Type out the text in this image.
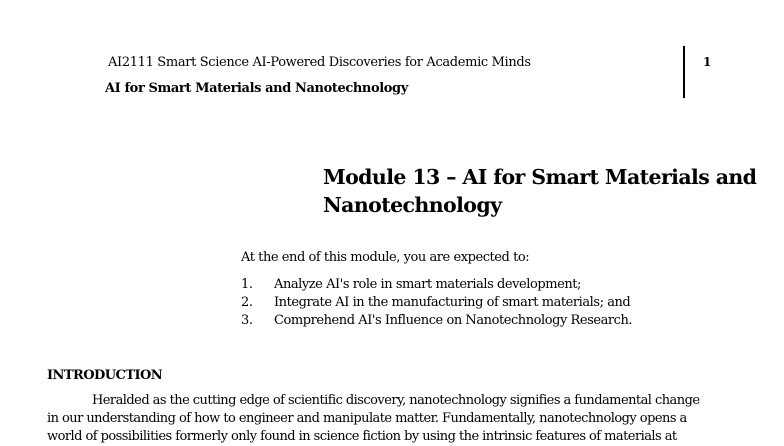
AI2111 Smart Science AI-Powered Discoveries for Academic Minds
AI for Smart Materials and Nanotechnology
1
Module 13 – AI for Smart Materials and
Nanotechnology
At the end of this module, you are expected to:
1.	Analyze AI's role in smart materials development;
2.	Integrate AI in the manufacturing of smart materials; and
3.	Comprehend AI's Influence on Nanotechnology Research.
INTRODUCTION
Heralded as the cutting edge of scientific discovery, nanotechnology signifies a fundamental change
in our understanding of how to engineer and manipulate matter. Fundamentally, nanotechnology opens a
world of possibilities formerly only found in science fiction by using the intrinsic features of materials at
